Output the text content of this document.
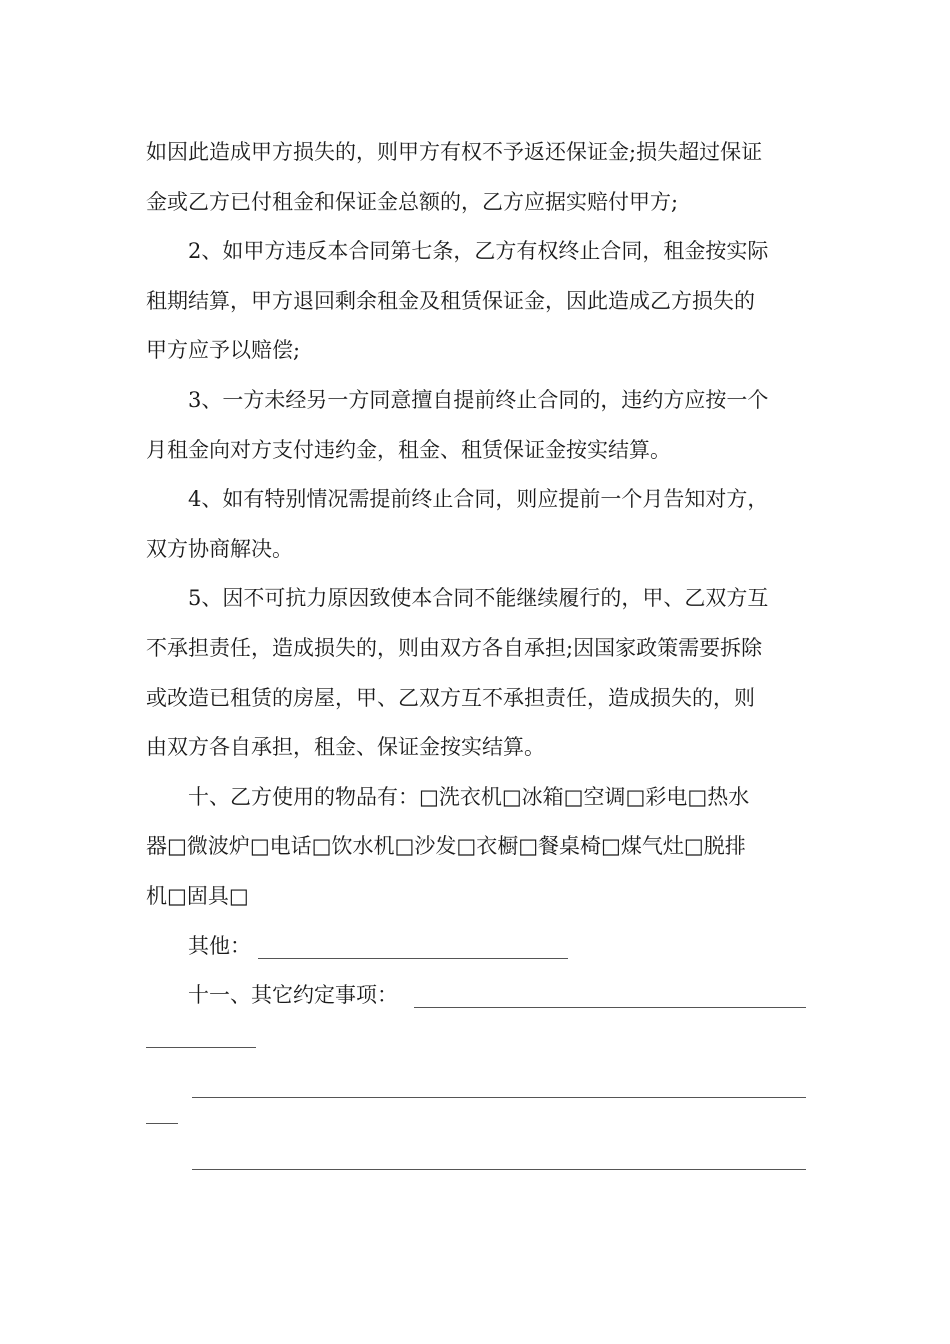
如因此造成甲方损失的，则甲方有权不予返还保证金;损失超过保证
金或乙方已付租金和保证金总额的，乙方应据实赔付甲方;
2、如甲方违反本合同第七条，乙方有权终止合同，租金按实际
租期结算，甲方退回剩余租金及租赁保证金，因此造成乙方损失的
甲方应予以赔偿;
3、一方未经另一方同意擅自提前终止合同的，违约方应按一个
月租金向对方支付违约金，租金、租赁保证金按实结算。
4、如有特别情况需提前终止合同，则应提前一个月告知对方，
双方协商解决。
5、因不可抗力原因致使本合同不能继续履行的，甲、乙双方互
不承担责任，造成损失的，则由双方各自承担;因国家政策需要拆除
或改造已租赁的房屋，甲、乙双方互不承担责任，造成损失的，则
由双方各自承担，租金、保证金按实结算。
十、乙方使用的物品有：□洗衣机□冰箱□空调□彩电□热水
器□微波炉□电话□饮水机□沙发□衣橱□餐桌椅□煤气灶□脱排
机□固具□
其他：
十一、其它约定事项：
